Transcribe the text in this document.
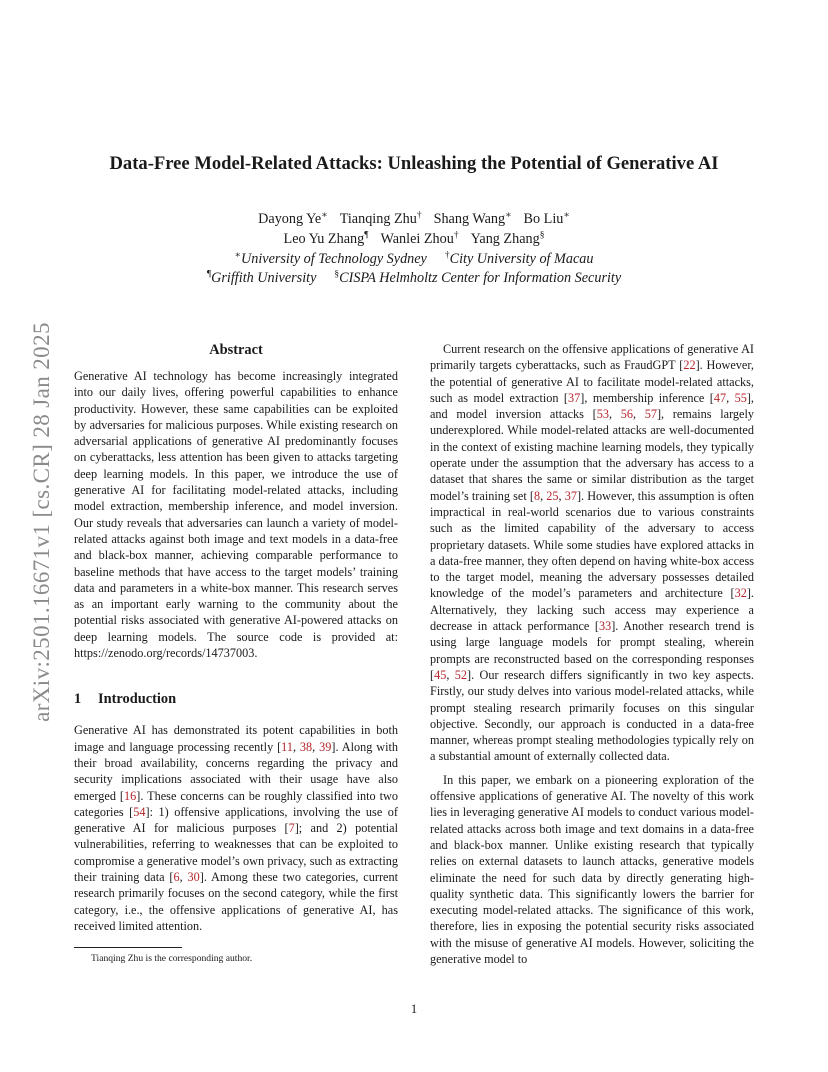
arXiv:2501.16671v1 [cs.CR] 28 Jan 2025
Data-Free Model-Related Attacks: Unleashing the Potential of Generative AI
Dayong Ye∗ Tianqing Zhu† Shang Wang∗ Bo Liu∗
Leo Yu Zhang¶ Wanlei Zhou† Yang Zhang§
∗University of Technology Sydney †City University of Macau
¶Griffith University §CISPA Helmholtz Center for Information Security
Abstract

Generative AI technology has become increasingly integrated into our daily lives, offering powerful capabilities to enhance productivity. However, these same capabilities can be exploited by adversaries for malicious purposes. While existing research on adversarial applications of generative AI predominantly focuses on cyberattacks, less attention has been given to attacks targeting deep learning models. In this paper, we introduce the use of generative AI for facilitating model-related attacks, including model extraction, membership inference, and model inversion. Our study reveals that adversaries can launch a variety of model-related attacks against both image and text models in a data-free and black-box manner, achieving comparable performance to baseline methods that have access to the target models’ training data and parameters in a white-box manner. This research serves as an important early warning to the community about the potential risks associated with generative AI-powered attacks on deep learning models. The source code is provided at: https://zenodo.org/records/14737003.

1 Introduction

Generative AI has demonstrated its potent capabilities in both image and language processing recently [11, 38, 39]. Along with their broad availability, concerns regarding the privacy and security implications associated with their usage have also emerged [16]. These concerns can be roughly classified into two categories [54]: 1) offensive applications, involving the use of generative AI for malicious purposes [7]; and 2) potential vulnerabilities, referring to weaknesses that can be exploited to compromise a generative model’s own privacy, such as extracting their training data [6, 30]. Among these two categories, current research primarily focuses on the second category, while the first category, i.e., the offensive applications of generative AI, has received limited attention.

Tianqing Zhu is the corresponding author.

Current research on the offensive applications of generative AI primarily targets cyberattacks, such as FraudGPT [22]. However, the potential of generative AI to facilitate model-related attacks, such as model extraction [37], membership inference [47, 55], and model inversion attacks [53, 56, 57], remains largely underexplored. While model-related attacks are well-documented in the context of existing machine learning models, they typically operate under the assumption that the adversary has access to a dataset that shares the same or similar distribution as the target model’s training set [8, 25, 37]. However, this assumption is often impractical in real-world scenarios due to various constraints such as the limited capability of the adversary to access proprietary datasets. While some studies have explored attacks in a data-free manner, they often depend on having white-box access to the target model, meaning the adversary possesses detailed knowledge of the model’s parameters and architecture [32]. Alternatively, they lacking such access may experience a decrease in attack performance [33]. Another research trend is using large language models for prompt stealing, wherein prompts are reconstructed based on the corresponding responses [45, 52]. Our research differs significantly in two key aspects. Firstly, our study delves into various model-related attacks, while prompt stealing research primarily focuses on this singular objective. Secondly, our approach is conducted in a data-free manner, whereas prompt stealing methodologies typically rely on a substantial amount of externally collected data.

In this paper, we embark on a pioneering exploration of the offensive applications of generative AI. The novelty of this work lies in leveraging generative AI models to conduct various model-related attacks across both image and text domains in a data-free and black-box manner. Unlike existing research that typically relies on external datasets to launch attacks, generative models eliminate the need for such data by directly generating high-quality synthetic data. This significantly lowers the barrier for executing model-related attacks. The significance of this work, therefore, lies in exposing the potential security risks associated with the misuse of generative AI models. However, soliciting the generative model to

1
